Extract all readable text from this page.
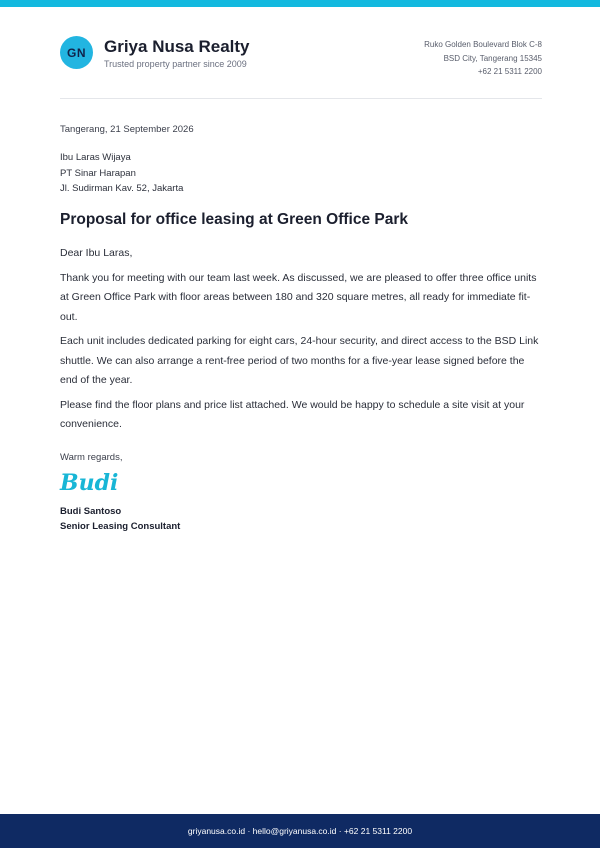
GN Griya Nusa Realty
Trusted property partner since 2009
Ruko Golden Boulevard Blok C-8
BSD City, Tangerang 15345
+62 21 5311 2200
Tangerang, 21 September 2026
Ibu Laras Wijaya
PT Sinar Harapan
Jl. Sudirman Kav. 52, Jakarta
Proposal for office leasing at Green Office Park

Dear Ibu Laras,

Thank you for meeting with our team last week. As discussed, we are pleased to offer three office units at Green Office Park with floor areas between 180 and 320 square metres, all ready for immediate fit-out.

Each unit includes dedicated parking for eight cars, 24-hour security, and direct access to the BSD Link shuttle. We can also arrange a rent-free period of two months for a five-year lease signed before the end of the year.

Please find the floor plans and price list attached. We would be happy to schedule a site visit at your convenience.

Warm regards,
Budi
Budi Santoso
Senior Leasing Consultant
griyanusa.co.id · hello@griyanusa.co.id · +62 21 5311 2200
